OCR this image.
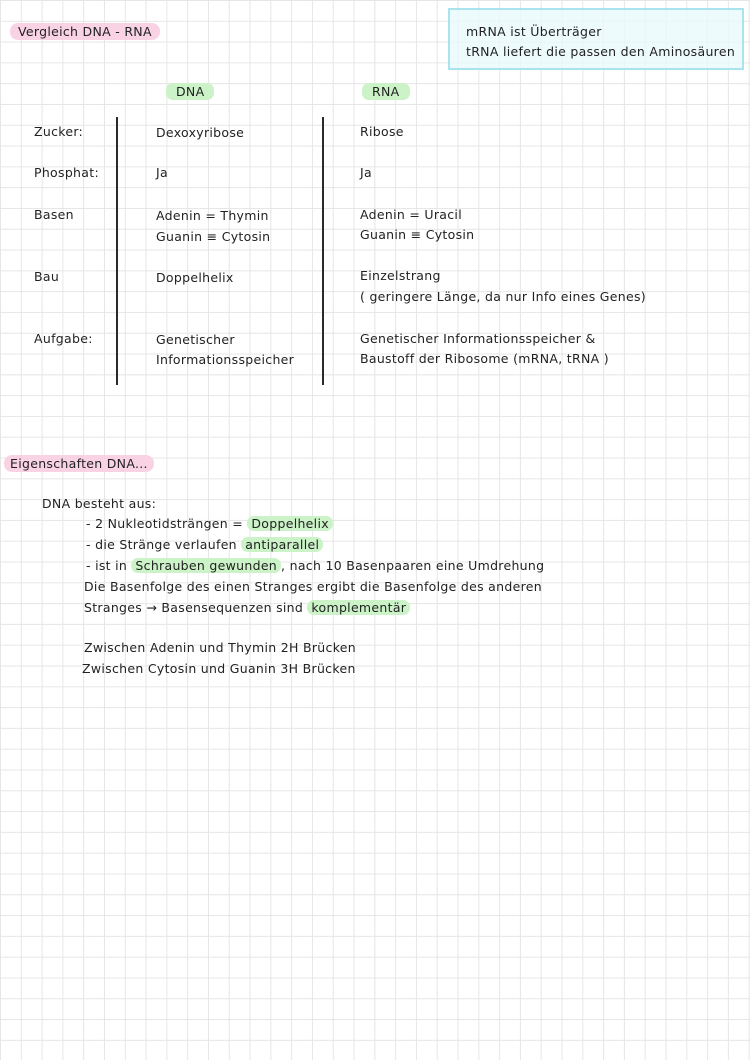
Vergleich DNA - RNA	mRNA ist Überträger
tRNA liefert die passen den Aminosäuren
DNA	RNA
Zucker:
Phosphat:
Basen
Bau
Aufgabe:
Dexoxyribose
Ja
Adenin = Thymin
Guanin ≡ Cytosin
Doppelhelix
Genetischer
Informationsspeicher
Ribose
Ja
Adenin = Uracil
Guanin ≡ Cytosin
Einzelstrang
( geringere Länge, da nur Info eines Genes)
Genetischer Informationsspeicher &
Baustoff der Ribosome (mRNA, tRNA )
Eigenschaften DNA...
DNA besteht aus:
- 2 Nukleotidsträngen = Doppelhelix
- die Stränge verlaufen antiparallel
- ist in Schrauben gewunden , nach 10 Basenpaaren eine Umdrehung
Die Basenfolge des einen Stranges ergibt die Basenfolge des anderen
Stranges → Basensequenzen sind komplementär
Zwischen Adenin und Thymin 2H Brücken
Zwischen Cytosin und Guanin 3H Brücken
